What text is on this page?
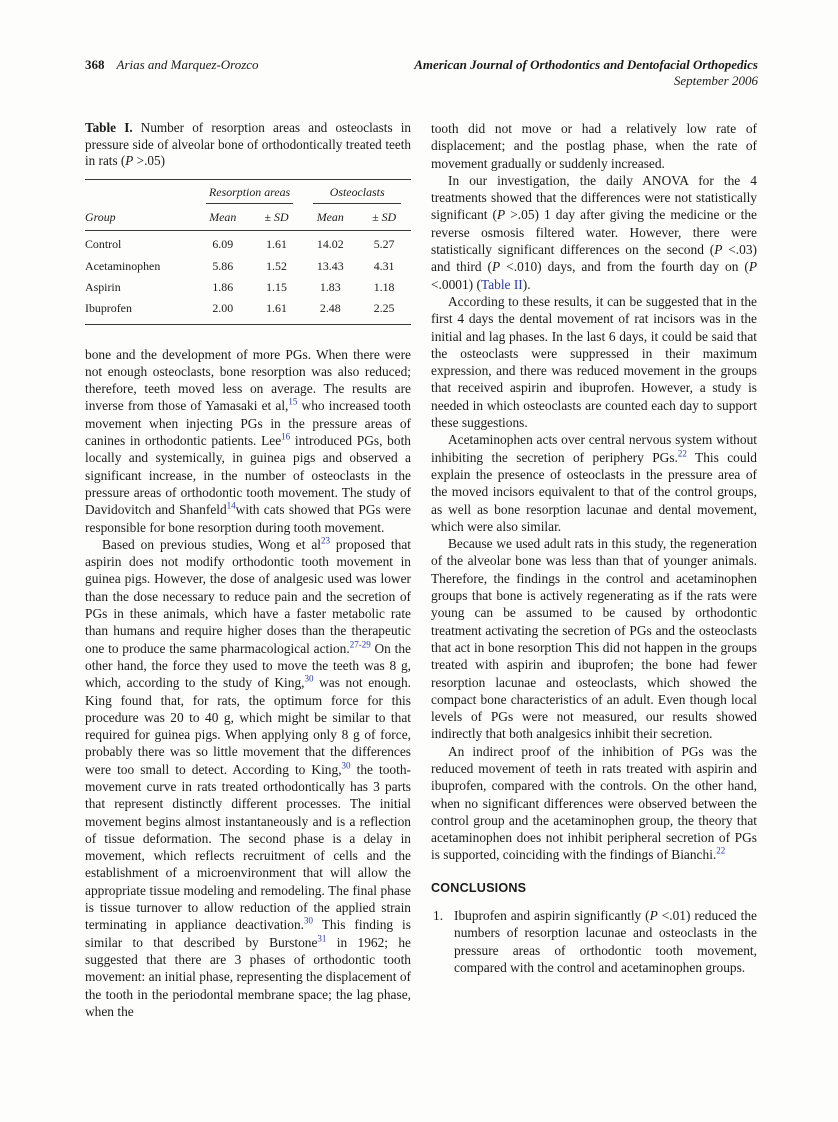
368 Arias and Marquez-Orozco	American Journal of Orthodontics and Dentofacial Orthopedics
September 2006

Table I. Number of resorption areas and osteoclasts in pressure side of alveolar bone of orthodontically treated teeth in rats (P >.05)

	Resorption areas		Osteoclasts	

Group	Mean	± SD	Mean	± SD
Control	6.09	1.61	14.02	5.27
Acetaminophen	5.86	1.52	13.43	4.31
Aspirin	1.86	1.15	1.83	1.18
Ibuprofen	2.00	1.61	2.48	2.25

bone and the development of more PGs. When there were not enough osteoclasts, bone resorption was also reduced; therefore, teeth moved less on average. The results are inverse from those of Yamasaki et al,$^{15}$ who increased tooth movement when injecting PGs in the pressure areas of canines in orthodontic patients. Lee$^{16}$ introduced PGs, both locally and systemically, in guinea pigs and observed a significant increase, in the number of osteoclasts in the pressure areas of orthodontic tooth movement. The study of Davidovitch and Shanfeld$^{14}$with cats showed that PGs were responsible for bone resorption during tooth movement.

Based on previous studies, Wong et al$^{23}$ proposed that aspirin does not modify orthodontic tooth movement in guinea pigs. However, the dose of analgesic used was lower than the dose necessary to reduce pain and the secretion of PGs in these animals, which have a faster metabolic rate than humans and require higher doses than the therapeutic one to produce the same pharmacological action.$^{27-29}$ On the other hand, the force they used to move the teeth was 8 g, which, according to the study of King,$^{30}$ was not enough. King found that, for rats, the optimum force for this procedure was 20 to 40 g, which might be similar to that required for guinea pigs. When applying only 8 g of force, probably there was so little movement that the differences were too small to detect. According to King,$^{30}$ the tooth-movement curve in rats treated orthodontically has 3 parts that represent distinctly different processes. The initial movement begins almost instantaneously and is a reflection of tissue deformation. The second phase is a delay in movement, which reflects recruitment of cells and the establishment of a microenvironment that will allow the appropriate tissue modeling and remodeling. The final phase is tissue turnover to allow reduction of the applied strain terminating in appliance deactivation.$^{30}$ This finding is similar to that described by Burstone$^{31}$ in 1962; he suggested that there are 3 phases of orthodontic tooth movement: an initial phase, representing the displacement of the tooth in the periodontal membrane space; the lag phase, when the

tooth did not move or had a relatively low rate of displacement; and the postlag phase, when the rate of movement gradually or suddenly increased.

In our investigation, the daily ANOVA for the 4 treatments showed that the differences were not statistically significant (P >.05) 1 day after giving the medicine or the reverse osmosis filtered water. However, there were statistically significant differences on the second (P <.03) and third (P <.010) days, and from the fourth day on (P <.0001) (Table II).

According to these results, it can be suggested that in the first 4 days the dental movement of rat incisors was in the initial and lag phases. In the last 6 days, it could be said that the osteoclasts were suppressed in their maximum expression, and there was reduced movement in the groups that received aspirin and ibuprofen. However, a study is needed in which osteoclasts are counted each day to support these suggestions.

Acetaminophen acts over central nervous system without inhibiting the secretion of periphery PGs.$^{22}$ This could explain the presence of osteoclasts in the pressure area of the moved incisors equivalent to that of the control groups, as well as bone resorption lacunae and dental movement, which were also similar.

Because we used adult rats in this study, the regeneration of the alveolar bone was less than that of younger animals. Therefore, the findings in the control and acetaminophen groups that bone is actively regenerating as if the rats were young can be assumed to be caused by orthodontic treatment activating the secretion of PGs and the osteoclasts that act in bone resorption This did not happen in the groups treated with aspirin and ibuprofen; the bone had fewer resorption lacunae and osteoclasts, which showed the compact bone characteristics of an adult. Even though local levels of PGs were not measured, our results showed indirectly that both analgesics inhibit their secretion.

An indirect proof of the inhibition of PGs was the reduced movement of teeth in rats treated with aspirin and ibuprofen, compared with the controls. On the other hand, when no significant differences were observed between the control group and the acetaminophen group, the theory that acetaminophen does not inhibit peripheral secretion of PGs is supported, coinciding with the findings of Bianchi.$^{22}$

CONCLUSIONS
1. Ibuprofen and aspirin significantly (P <.01) reduced the numbers of resorption lacunae and osteoclasts in the pressure areas of orthodontic tooth movement, compared with the control and acetaminophen groups.
